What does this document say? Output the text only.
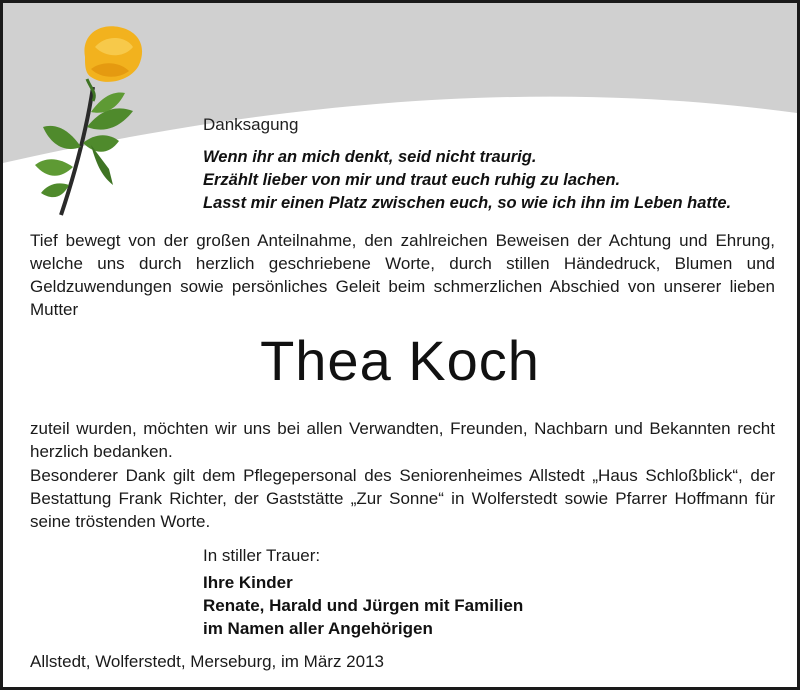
Danksagung
Wenn ihr an mich denkt, seid nicht traurig.
Erzählt lieber von mir und traut euch ruhig zu lachen.
Lasst mir einen Platz zwischen euch, so wie ich ihn im Leben hatte.
Tief bewegt von der großen Anteilnahme, den zahlreichen Beweisen der Achtung und Ehrung, welche uns durch herzlich geschriebene Worte, durch stillen Händedruck, Blumen und Geldzuwendungen sowie persönliches Geleit beim schmerzlichen Abschied von unserer lieben Mutter
Thea Koch
zuteil wurden, möchten wir uns bei allen Verwandten, Freunden, Nachbarn und Bekannten recht herzlich bedanken.
Besonderer Dank gilt dem Pflegepersonal des Seniorenheimes Allstedt „Haus Schloßblick“, der Bestattung Frank Richter, der Gaststätte „Zur Sonne“ in Wolferstedt sowie Pfarrer Hoffmann für seine tröstenden Worte.
In stiller Trauer:
Ihre Kinder
Renate, Harald und Jürgen mit Familien
im Namen aller Angehörigen
Allstedt, Wolferstedt, Merseburg, im März 2013
